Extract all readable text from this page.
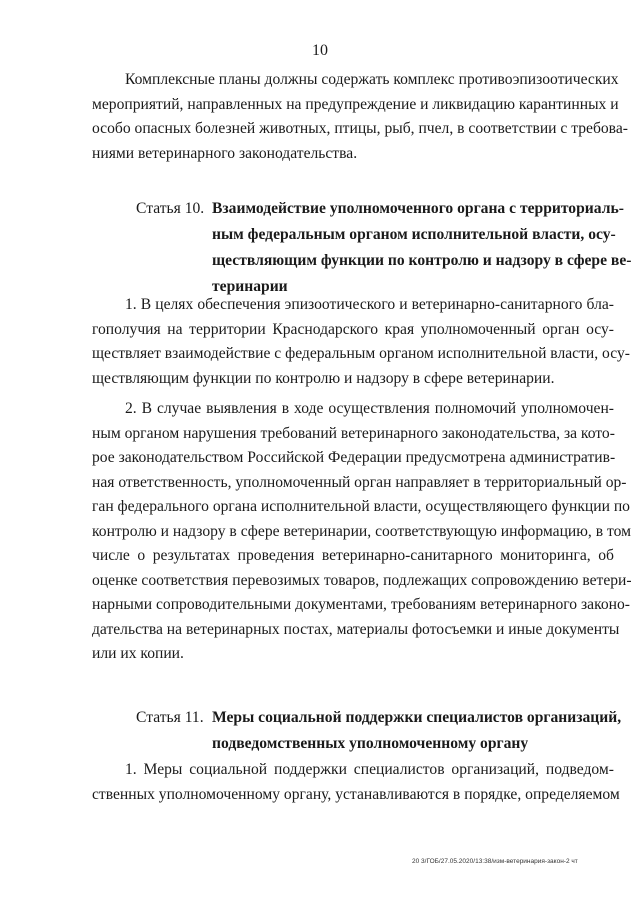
10

Комплексные планы должны содержать комплекс противоэпизоотических
мероприятий, направленных на предупреждение и ликвидацию карантинных и
особо опасных болезней животных, птицы, рыб, пчел, в соответствии с требова-
ниями ветеринарного законодательства.

Статья 10. Взаимодействие уполномоченного органа с территориаль-
ным федеральным органом исполнительной власти, осу-
ществляющим функции по контролю и надзору в сфере ве-
теринарии

1. В целях обеспечения эпизоотического и ветеринарно-санитарного бла-
гополучия на территории Краснодарского края уполномоченный орган осу-
ществляет взаимодействие с федеральным органом исполнительной власти, осу-
ществляющим функции по контролю и надзору в сфере ветеринарии.

2. В случае выявления в ходе осуществления полномочий уполномочен-
ным органом нарушения требований ветеринарного законодательства, за кото-
рое законодательством Российской Федерации предусмотрена административ-
ная ответственность, уполномоченный орган направляет в территориальный ор-
ган федерального органа исполнительной власти, осуществляющего функции по
контролю и надзору в сфере ветеринарии, соответствующую информацию, в том
числе о результатах проведения ветеринарно-санитарного мониторинга, об
оценке соответствия перевозимых товаров, подлежащих сопровождению ветери-
нарными сопроводительными документами, требованиям ветеринарного законо-
дательства на ветеринарных постах, материалы фотосъемки и иные документы
или их копии.

Статья 11. Меры социальной поддержки специалистов организаций,
подведомственных уполномоченному органу

1. Меры социальной поддержки специалистов организаций, подведом-
ственных уполномоченному органу, устанавливаются в порядке, определяемом

20 3/ГОБ/27.05.2020/13:38/изм-ветеринария-закон-2 чт
